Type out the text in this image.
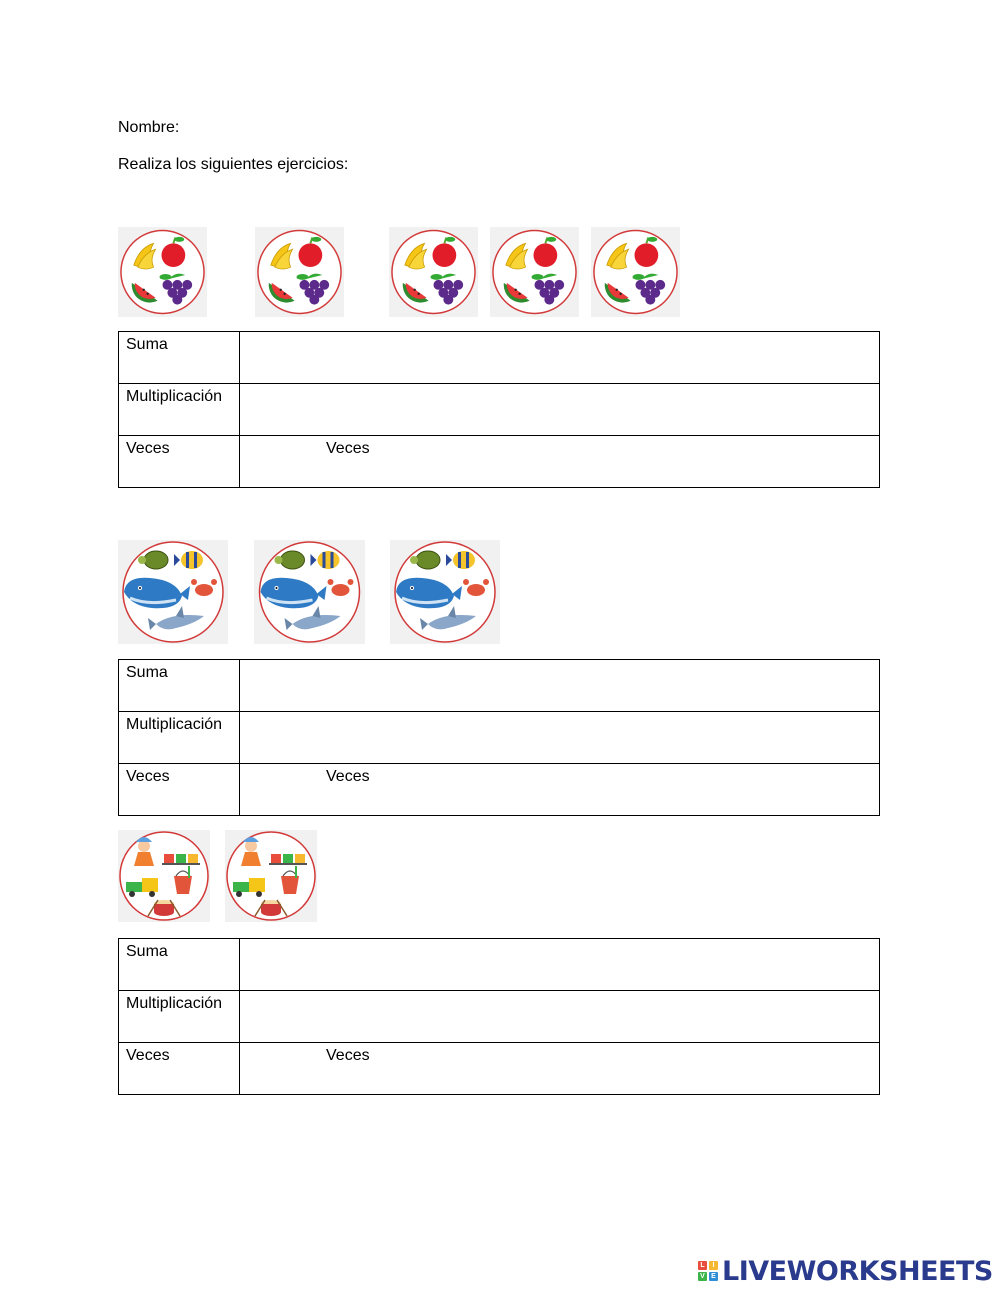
Nombre:
Realiza los siguientes ejercicios:
Suma	
Multiplicación	
Veces	Veces
Suma	
Multiplicación	
Veces	Veces
Suma	
Multiplicación	
Veces	Veces
L	I
V E LIVEWORKSHEETS
